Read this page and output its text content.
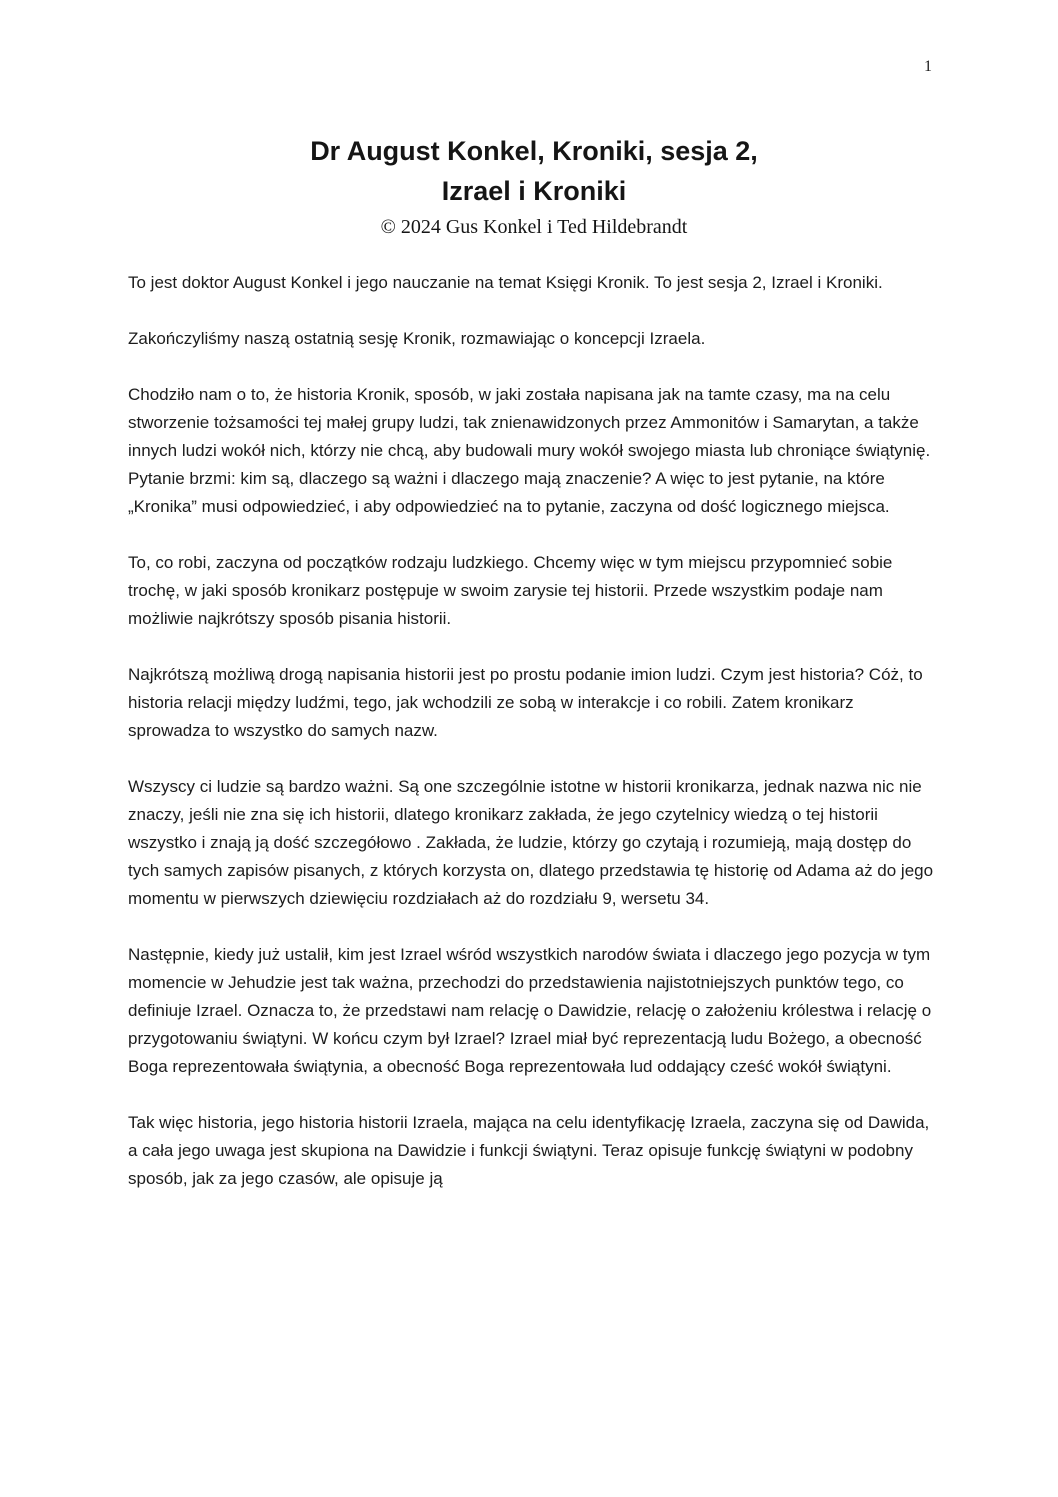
1
Dr August Konkel, Kroniki, sesja 2,
Izrael i Kroniki
© 2024 Gus Konkel i Ted Hildebrandt

To jest doktor August Konkel i jego nauczanie na temat Księgi Kronik. To jest sesja 2, Izrael i Kroniki.

Zakończyliśmy naszą ostatnią sesję Kronik, rozmawiając o koncepcji Izraela.

Chodziło nam o to, że historia Kronik, sposób, w jaki została napisana jak na tamte czasy, ma na celu stworzenie tożsamości tej małej grupy ludzi, tak znienawidzonych przez Ammonitów i Samarytan, a także innych ludzi wokół nich, którzy nie chcą, aby budowali mury wokół swojego miasta lub chroniące świątynię. Pytanie brzmi: kim są, dlaczego są ważni i dlaczego mają znaczenie? A więc to jest pytanie, na które „Kronika” musi odpowiedzieć, i aby odpowiedzieć na to pytanie, zaczyna od dość logicznego miejsca.

To, co robi, zaczyna od początków rodzaju ludzkiego. Chcemy więc w tym miejscu przypomnieć sobie trochę, w jaki sposób kronikarz postępuje w swoim zarysie tej historii. Przede wszystkim podaje nam możliwie najkrótszy sposób pisania historii.

Najkrótszą możliwą drogą napisania historii jest po prostu podanie imion ludzi. Czym jest historia? Cóż, to historia relacji między ludźmi, tego, jak wchodzili ze sobą w interakcje i co robili. Zatem kronikarz sprowadza to wszystko do samych nazw.

Wszyscy ci ludzie są bardzo ważni. Są one szczególnie istotne w historii kronikarza, jednak nazwa nic nie znaczy, jeśli nie zna się ich historii, dlatego kronikarz zakłada, że jego czytelnicy wiedzą o tej historii wszystko i znają ją dość szczegółowo . Zakłada, że ludzie, którzy go czytają i rozumieją, mają dostęp do tych samych zapisów pisanych, z których korzysta on, dlatego przedstawia tę historię od Adama aż do jego momentu w pierwszych dziewięciu rozdziałach aż do rozdziału 9, wersetu 34.

Następnie, kiedy już ustalił, kim jest Izrael wśród wszystkich narodów świata i dlaczego jego pozycja w tym momencie w Jehudzie jest tak ważna, przechodzi do przedstawienia najistotniejszych punktów tego, co definiuje Izrael. Oznacza to, że przedstawi nam relację o Dawidzie, relację o założeniu królestwa i relację o przygotowaniu świątyni. W końcu czym był Izrael? Izrael miał być reprezentacją ludu Bożego, a obecność Boga reprezentowała świątynia, a obecność Boga reprezentowała lud oddający cześć wokół świątyni.

Tak więc historia, jego historia historii Izraela, mająca na celu identyfikację Izraela, zaczyna się od Dawida, a cała jego uwaga jest skupiona na Dawidzie i funkcji świątyni. Teraz opisuje funkcję świątyni w podobny sposób, jak za jego czasów, ale opisuje ją
